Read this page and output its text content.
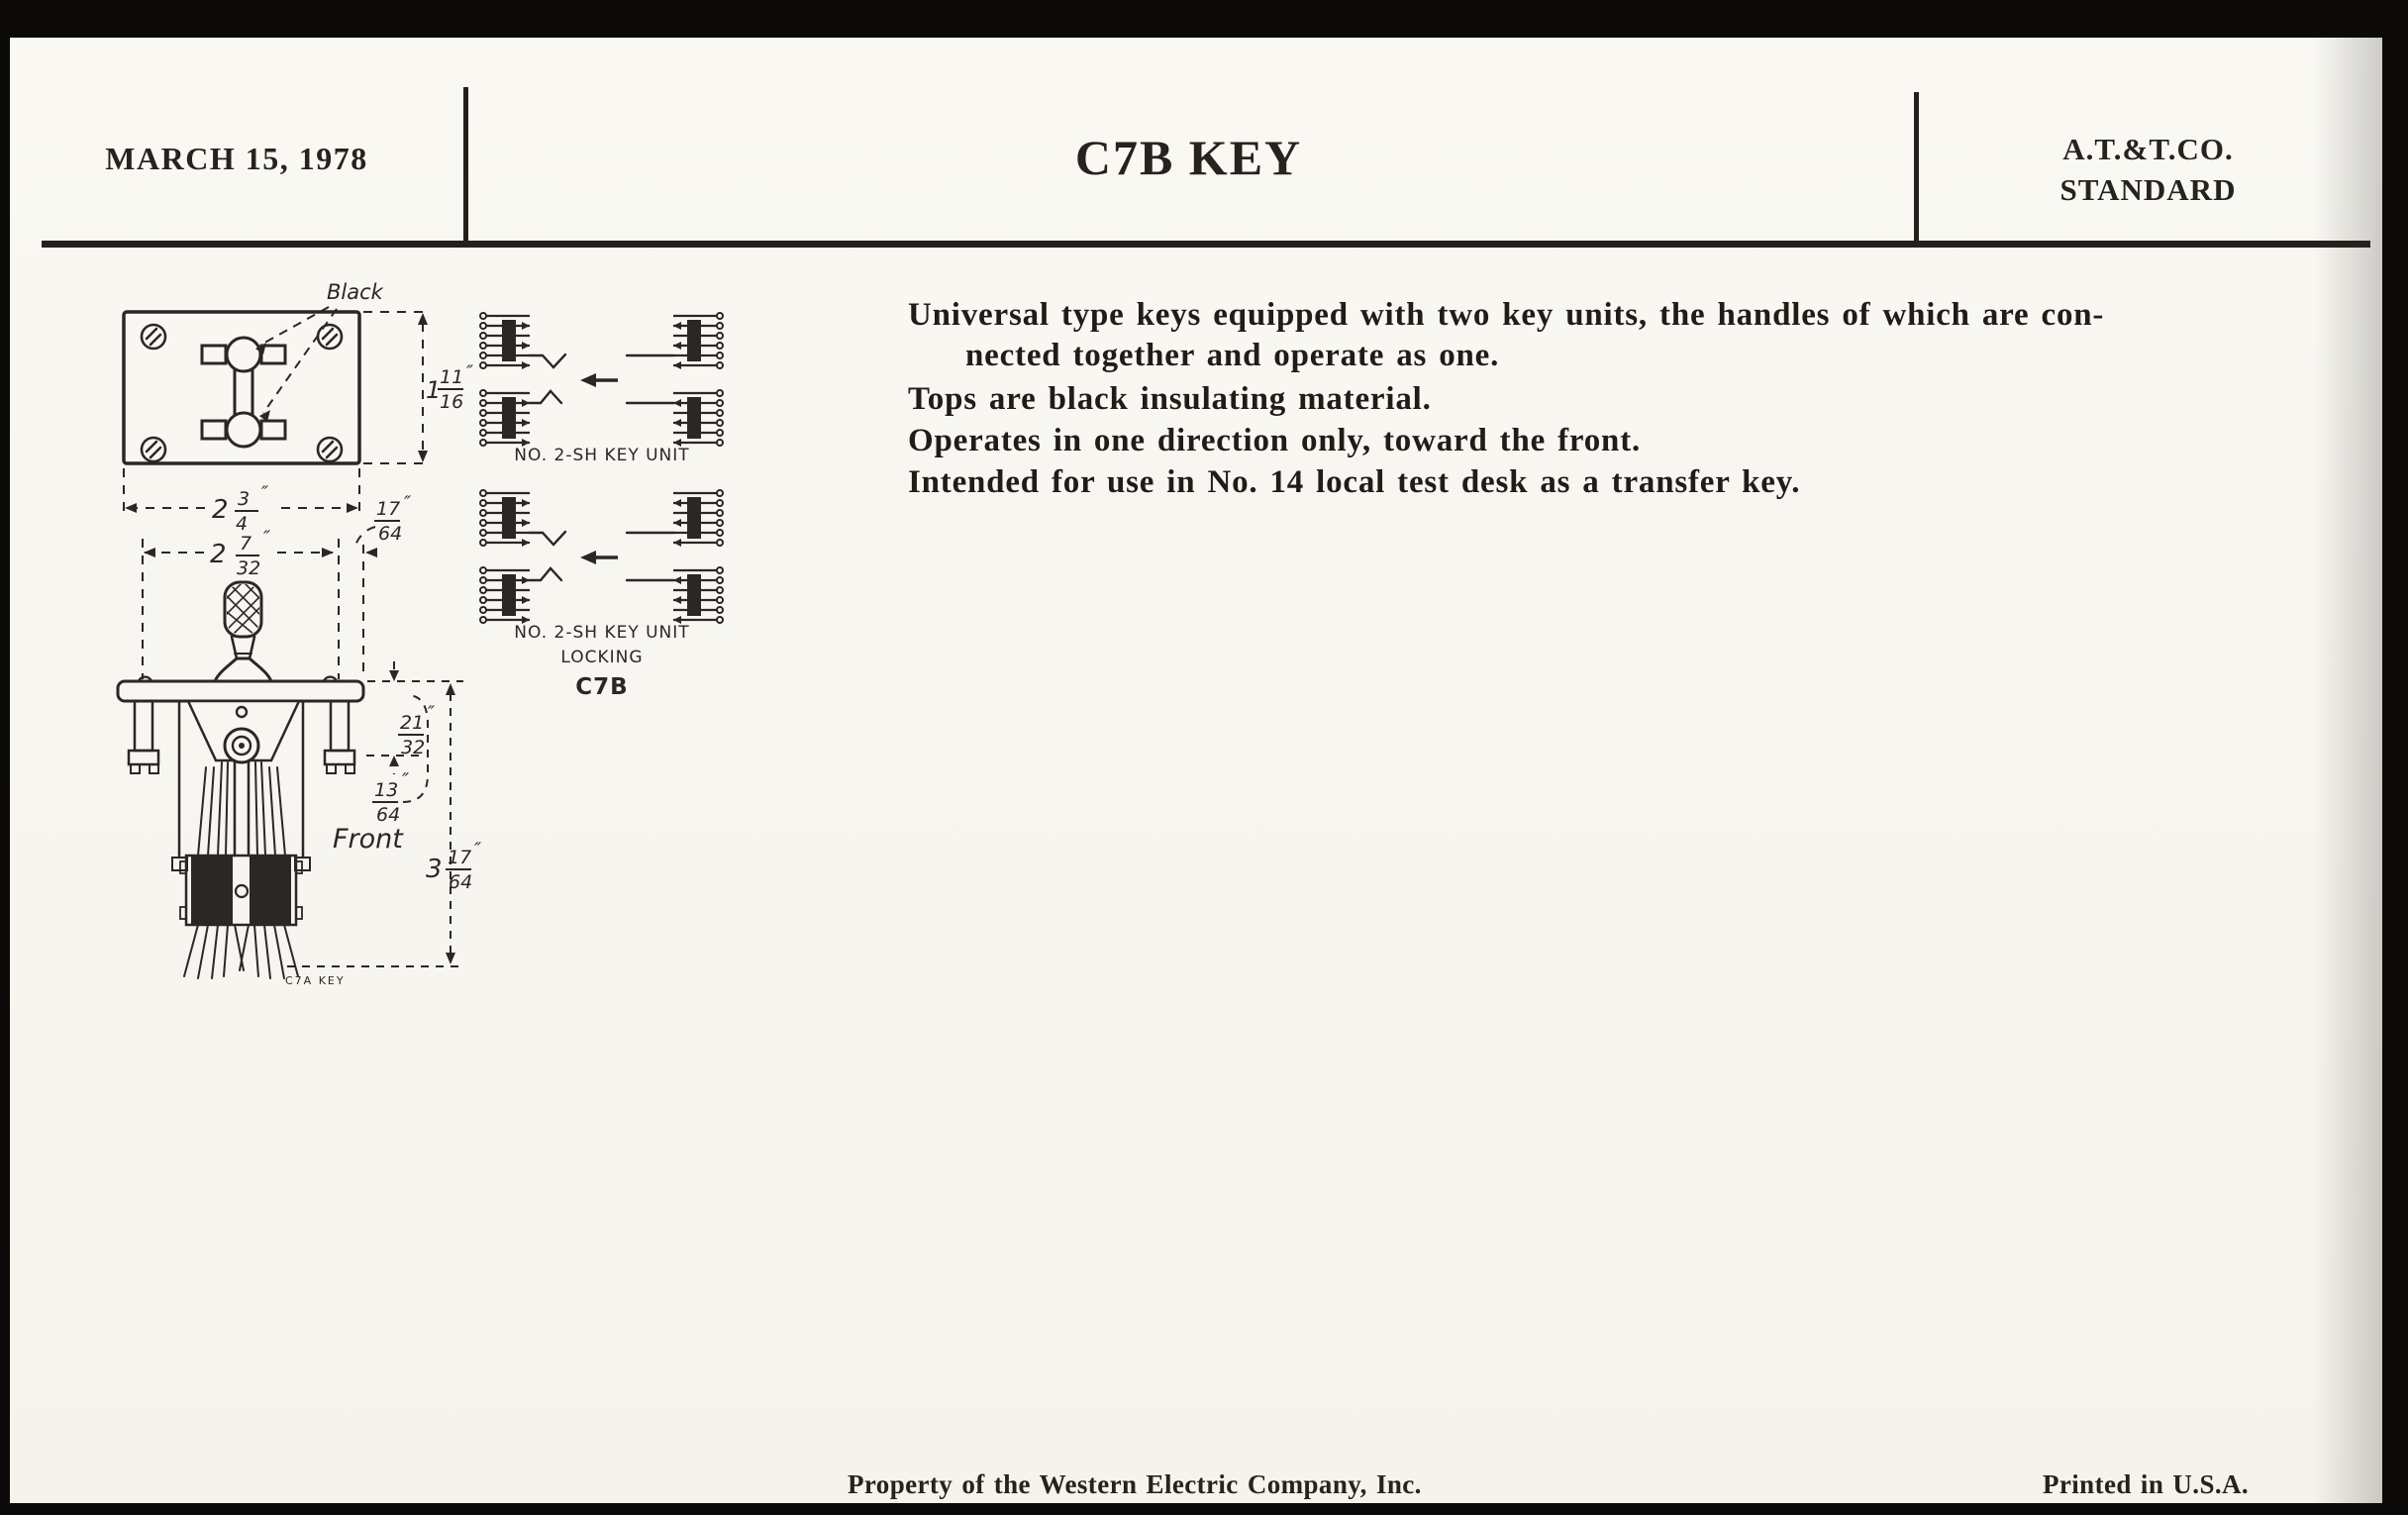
MARCH 15, 1978	C7B KEY	A.T.&T.CO.
STANDARD
Universal type keys equipped with two key units, the handles of which are con-
nected together and operate as one.
Tops are black insulating material.
Operates in one direction only, toward the front.
Intended for use in No. 14 local test desk as a transfer key.
Black
1
11
16
″
2 3
4
″
2 7
32
″
17
64
″
21
32
″
13
64
″
3 17
64
″
Front
C7A KEY
NO. 2-SH KEY UNIT
NO. 2-SH KEY UNIT
LOCKING
C7B
Property of the Western Electric Company, Inc.	Printed in U.S.A.
